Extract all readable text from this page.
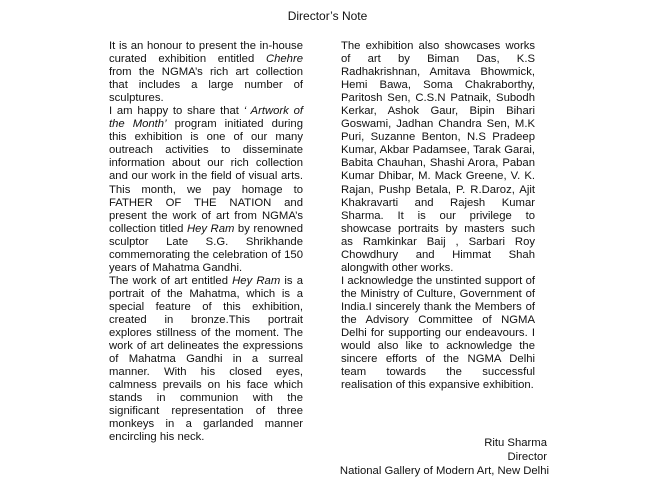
Director’s Note

It is an honour to present the in-house curated exhibition entitled Chehre from the NGMA’s rich art collection that includes a large number of sculptures.

I am happy to share that ‘ Artwork of the Month’ program initiated during this exhibition is one of our many outreach activities to disseminate information about our rich collection and our work in the field of visual arts. This month, we pay homage to FATHER OF THE NATION and present the work of art from NGMA’s collection titled Hey Ram by renowned sculptor Late S.G. Shrikhande commemorating the celebration of 150 years of Mahatma Gandhi.

The work of art entitled Hey Ram is a portrait of the Mahatma, which is a special feature of this exhibition, created in bronze.This portrait explores stillness of the moment. The work of art delineates the expressions of Mahatma Gandhi in a surreal manner. With his closed eyes, calmness prevails on his face which stands in communion with the significant representation of three monkeys in a garlanded manner encircling his neck.

The exhibition also showcases works of art by Biman Das, K.S Radhakrishnan, Amitava Bhowmick, Hemi Bawa, Soma Chakraborthy, Paritosh Sen, C.S.N Patnaik, Subodh Kerkar, Ashok Gaur, Bipin Bihari Goswami, Jadhan Chandra Sen, M.K Puri, Suzanne Benton, N.S Pradeep Kumar, Akbar Padamsee, Tarak Garai, Babita Chauhan, Shashi Arora, Paban Kumar Dhibar, M. Mack Greene, V. K. Rajan, Pushp Betala, P. R.Daroz, Ajit Khakravarti and Rajesh Kumar Sharma. It is our privilege to showcase portraits by masters such as Ramkinkar Baij , Sarbari Roy Chowdhury and Himmat Shah alongwith other works.

I acknowledge the unstinted support of the Ministry of Culture, Government of India.I sincerely thank the Members of the Advisory Committee of NGMA Delhi for supporting our endeavours. I would also like to acknowledge the sincere efforts of the NGMA Delhi team towards the successful realisation of this expansive exhibition.

Ritu Sharma
Director
National Gallery of Modern Art, New Delhi
